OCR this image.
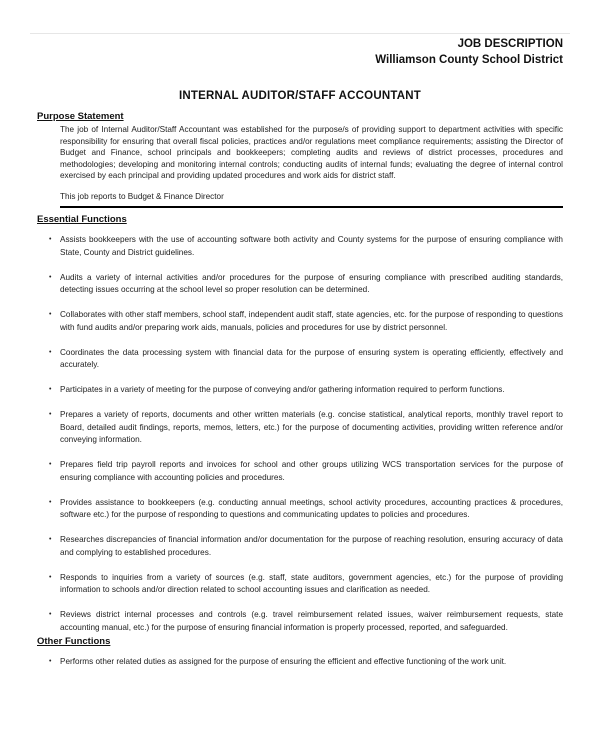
JOB DESCRIPTION
Williamson County School District
INTERNAL AUDITOR/STAFF ACCOUNTANT
Purpose Statement
The job of Internal Auditor/Staff Accountant was established for the purpose/s of providing support to department activities with specific responsibility for ensuring that overall fiscal policies, practices and/or regulations meet compliance requirements; assisting the Director of Budget and Finance, school principals and bookkeepers; completing audits and reviews of district processes, procedures and methodologies; developing and monitoring internal controls; conducting audits of internal funds; evaluating the degree of internal control exercised by each principal and providing updated procedures and work aids for district staff.
This job reports to Budget & Finance Director
Essential Functions
• Assists bookkeepers with the use of accounting software both activity and County systems for the purpose of ensuring compliance with State, County and District guidelines.
• Audits a variety of internal activities and/or procedures for the purpose of ensuring compliance with prescribed auditing standards, detecting issues occurring at the school level so proper resolution can be determined.
• Collaborates with other staff members, school staff, independent audit staff, state agencies, etc. for the purpose of responding to questions with fund audits and/or preparing work aids, manuals, policies and procedures for use by district personnel.
• Coordinates the data processing system with financial data for the purpose of ensuring system is operating efficiently, effectively and accurately.
• Participates in a variety of meeting for the purpose of conveying and/or gathering information required to perform functions.
• Prepares a variety of reports, documents and other written materials (e.g. concise statistical, analytical reports, monthly travel report to Board, detailed audit findings, reports, memos, letters, etc.) for the purpose of documenting activities, providing written reference and/or conveying information.
• Prepares field trip payroll reports and invoices for school and other groups utilizing WCS transportation services for the purpose of ensuring compliance with accounting policies and procedures.
• Provides assistance to bookkeepers (e.g. conducting annual meetings, school activity procedures, accounting practices & procedures, software etc.) for the purpose of responding to questions and communicating updates to policies and procedures.
• Researches discrepancies of financial information and/or documentation for the purpose of reaching resolution, ensuring accuracy of data and complying to established procedures.
• Responds to inquiries from a variety of sources (e.g. staff, state auditors, government agencies, etc.) for the purpose of providing information to schools and/or direction related to school accounting issues and clarification as needed.
• Reviews district internal processes and controls (e.g. travel reimbursement related issues, waiver reimbursement requests, state accounting manual, etc.) for the purpose of ensuring financial information is properly processed, reported, and safeguarded.
Other Functions
• Performs other related duties as assigned for the purpose of ensuring the efficient and effective functioning of the work unit.
